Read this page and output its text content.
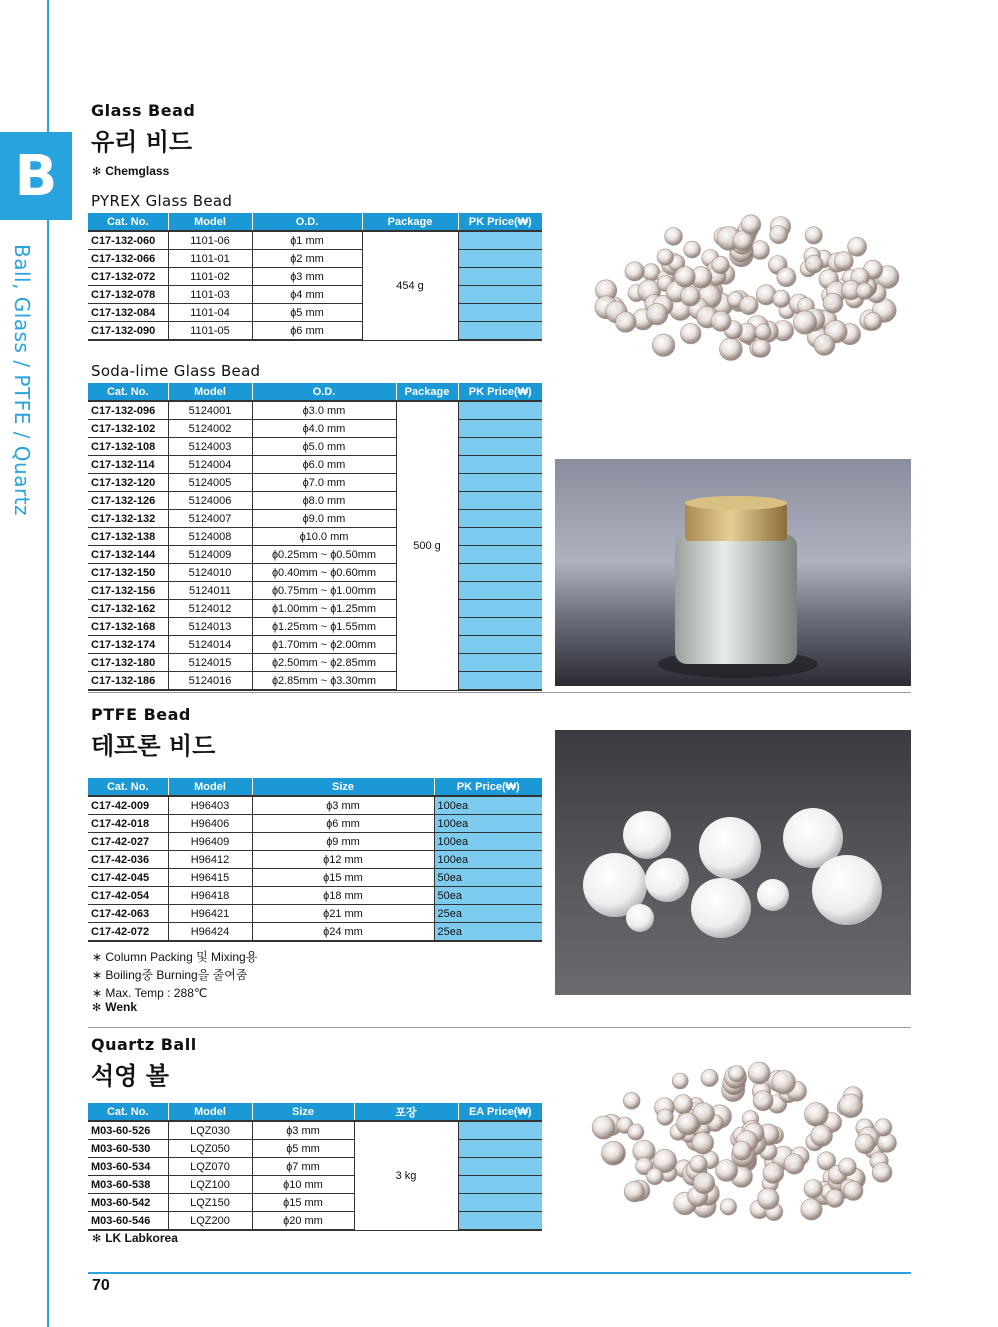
B
Ball, Glass / PTFE / Quartz
Glass Bead
유리 비드
✻ Chemglass
PYREX Glass Bead
Cat. No.	Model	O.D.	Package	PK Price(₩)
C17-132-060	1101-06	ɸ1 mm	454 g	
C17-132-066	1101-01	ɸ2 mm		
C17-132-072	1101-02	ɸ3 mm		
C17-132-078	1101-03	ɸ4 mm		
C17-132-084	1101-04	ɸ5 mm		
C17-132-090	1101-05	ɸ6 mm		
Soda-lime Glass Bead
Cat. No.	Model	O.D.	Package	PK Price(₩)
C17-132-096	5124001	ɸ3.0 mm	500 g	
C17-132-102	5124002	ɸ4.0 mm		
C17-132-108	5124003	ɸ5.0 mm		
C17-132-114	5124004	ɸ6.0 mm		
C17-132-120	5124005	ɸ7.0 mm		
C17-132-126	5124006	ɸ8.0 mm		
C17-132-132	5124007	ɸ9.0 mm		
C17-132-138	5124008	ɸ10.0 mm		
C17-132-144	5124009	ɸ0.25mm ~ ɸ0.50mm		
C17-132-150	5124010	ɸ0.40mm ~ ɸ0.60mm		
C17-132-156	5124011	ɸ0.75mm ~ ɸ1.00mm		
C17-132-162	5124012	ɸ1.00mm ~ ɸ1.25mm		
C17-132-168	5124013	ɸ1.25mm ~ ɸ1.55mm		
C17-132-174	5124014	ɸ1.70mm ~ ɸ2.00mm		
C17-132-180	5124015	ɸ2.50mm ~ ɸ2.85mm		
C17-132-186	5124016	ɸ2.85mm ~ ɸ3.30mm		
PTFE Bead
테프론 비드
Cat. No.	Model	Size	PK Price(₩)
C17-42-009	H96403	ɸ3 mm	100ea
C17-42-018	H96406	ɸ6 mm	100ea
C17-42-027	H96409	ɸ9 mm	100ea
C17-42-036	H96412	ɸ12 mm	100ea
C17-42-045	H96415	ɸ15 mm	50ea
C17-42-054	H96418	ɸ18 mm	50ea
C17-42-063	H96421	ɸ21 mm	25ea
C17-42-072	H96424	ɸ24 mm	25ea
∗ Column Packing 및 Mixing용
∗ Boiling중 Burning을 줄여줌
∗ Max. Temp : 288℃
✻ Wenk
Quartz Ball
석영 볼
Cat. No.	Model	Size	포장	EA Price(₩)
M03-60-526	LQZ030	ɸ3 mm	3 kg	
M03-60-530	LQZ050	ɸ5 mm		
M03-60-534	LQZ070	ɸ7 mm		
M03-60-538	LQZ100	ɸ10 mm		
M03-60-542	LQZ150	ɸ15 mm		
M03-60-546	LQZ200	ɸ20 mm		
✻ LK Labkorea
70
